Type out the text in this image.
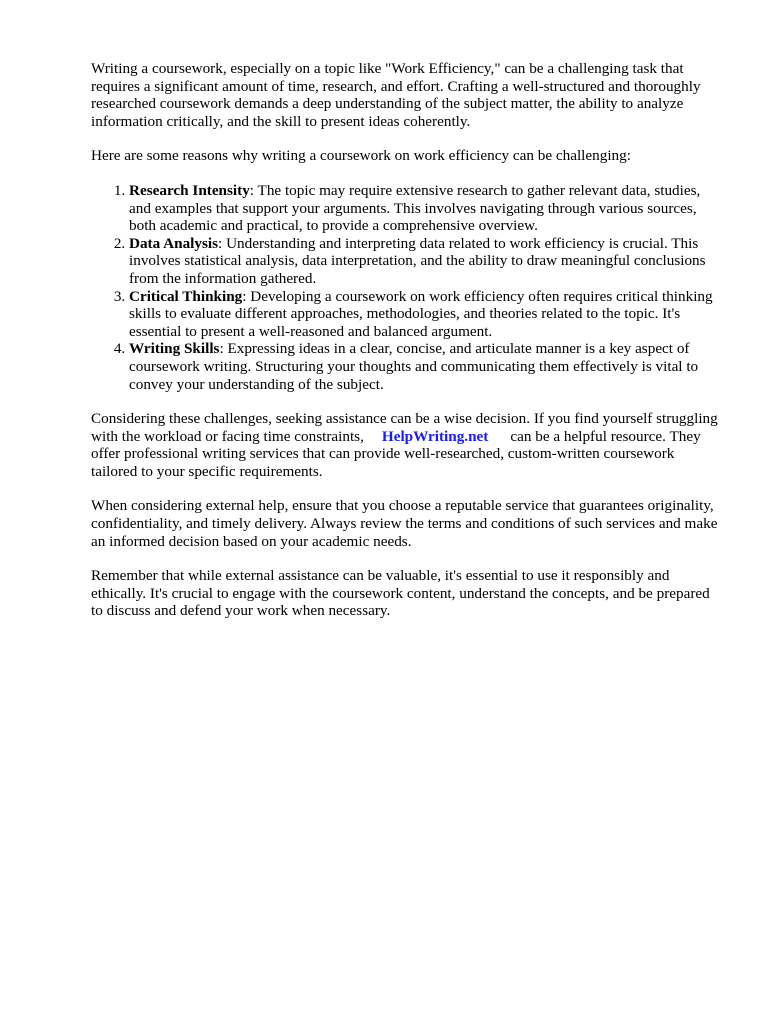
Writing a coursework, especially on a topic like "Work Efficiency," can be a challenging task that requires a significant amount of time, research, and effort. Crafting a well-structured and thoroughly researched coursework demands a deep understanding of the subject matter, the ability to analyze information critically, and the skill to present ideas coherently.

Here are some reasons why writing a coursework on work efficiency can be challenging:

1. Research Intensity: The topic may require extensive research to gather relevant data, studies, and examples that support your arguments. This involves navigating through various sources, both academic and practical, to provide a comprehensive overview.
2. Data Analysis: Understanding and interpreting data related to work efficiency is crucial. This involves statistical analysis, data interpretation, and the ability to draw meaningful conclusions from the information gathered.
3. Critical Thinking: Developing a coursework on work efficiency often requires critical thinking skills to evaluate different approaches, methodologies, and theories related to the topic. It's essential to present a well-reasoned and balanced argument.
4. Writing Skills: Expressing ideas in a clear, concise, and articulate manner is a key aspect of coursework writing. Structuring your thoughts and communicating them effectively is vital to convey your understanding of the subject.

Considering these challenges, seeking assistance can be a wise decision. If you find yourself struggling with the workload or facing time constraints, HelpWriting.net can be a helpful resource. They offer professional writing services that can provide well-researched, custom-written coursework tailored to your specific requirements.

When considering external help, ensure that you choose a reputable service that guarantees originality, confidentiality, and timely delivery. Always review the terms and conditions of such services and make an informed decision based on your academic needs.

Remember that while external assistance can be valuable, it's essential to use it responsibly and ethically. It's crucial to engage with the coursework content, understand the concepts, and be prepared to discuss and defend your work when necessary.
